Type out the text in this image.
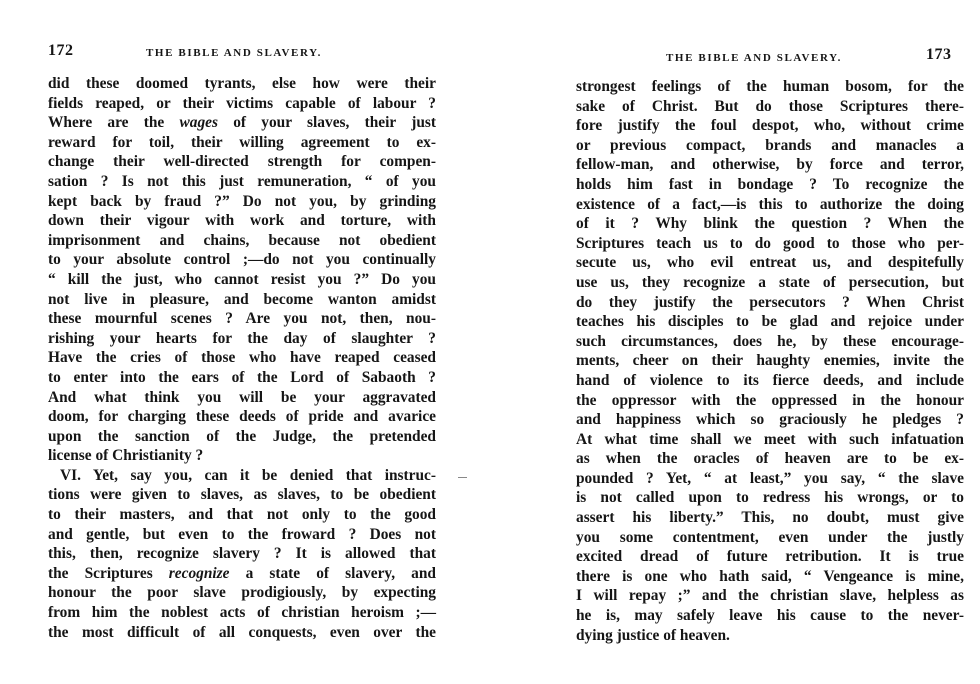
172	THE BIBLE AND SLAVERY.
did these doomed tyrants, else how were their
fields reaped, or their victims capable of labour ?
Where are the wages of your slaves, their just
reward for toil, their willing agreement to ex-
change their well-directed strength for compen-
sation ? Is not this just remuneration, “ of you
kept back by fraud ?” Do not you, by grinding
down their vigour with work and torture, with
imprisonment and chains, because not obedient
to your absolute control ;—do not you continually
“ kill the just, who cannot resist you ?” Do you
not live in pleasure, and become wanton amidst
these mournful scenes ? Are you not, then, nou-
rishing your hearts for the day of slaughter ?
Have the cries of those who have reaped ceased
to enter into the ears of the Lord of Sabaoth ?
And what think you will be your aggravated
doom, for charging these deeds of pride and avarice
upon the sanction of the Judge, the pretended
license of Christianity ?
VI. Yet, say you, can it be denied that instruc-
tions were given to slaves, as slaves, to be obedient
to their masters, and that not only to the good
and gentle, but even to the froward ? Does not
this, then, recognize slavery ? It is allowed that
the Scriptures recognize a state of slavery, and
honour the poor slave prodigiously, by expecting
from him the noblest acts of christian heroism ;—
the most difficult of all conquests, even over the
THE BIBLE AND SLAVERY.	173
strongest feelings of the human bosom, for the
sake of Christ. But do those Scriptures there-
fore justify the foul despot, who, without crime
or previous compact, brands and manacles a
fellow-man, and otherwise, by force and terror,
holds him fast in bondage ? To recognize the
existence of a fact,—is this to authorize the doing
of it ? Why blink the question ? When the
Scriptures teach us to do good to those who per-
secute us, who evil entreat us, and despitefully
use us, they recognize a state of persecution, but
do they justify the persecutors ? When Christ
teaches his disciples to be glad and rejoice under
such circumstances, does he, by these encourage-
ments, cheer on their haughty enemies, invite the
hand of violence to its fierce deeds, and include
the oppressor with the oppressed in the honour
and happiness which so graciously he pledges ?
At what time shall we meet with such infatuation
as when the oracles of heaven are to be ex-
pounded ? Yet, “ at least,” you say, “ the slave
is not called upon to redress his wrongs, or to
assert his liberty.” This, no doubt, must give
you some contentment, even under the justly
excited dread of future retribution. It is true
there is one who hath said, “ Vengeance is mine,
I will repay ;” and the christian slave, helpless as
he is, may safely leave his cause to the never-
dying justice of heaven.
